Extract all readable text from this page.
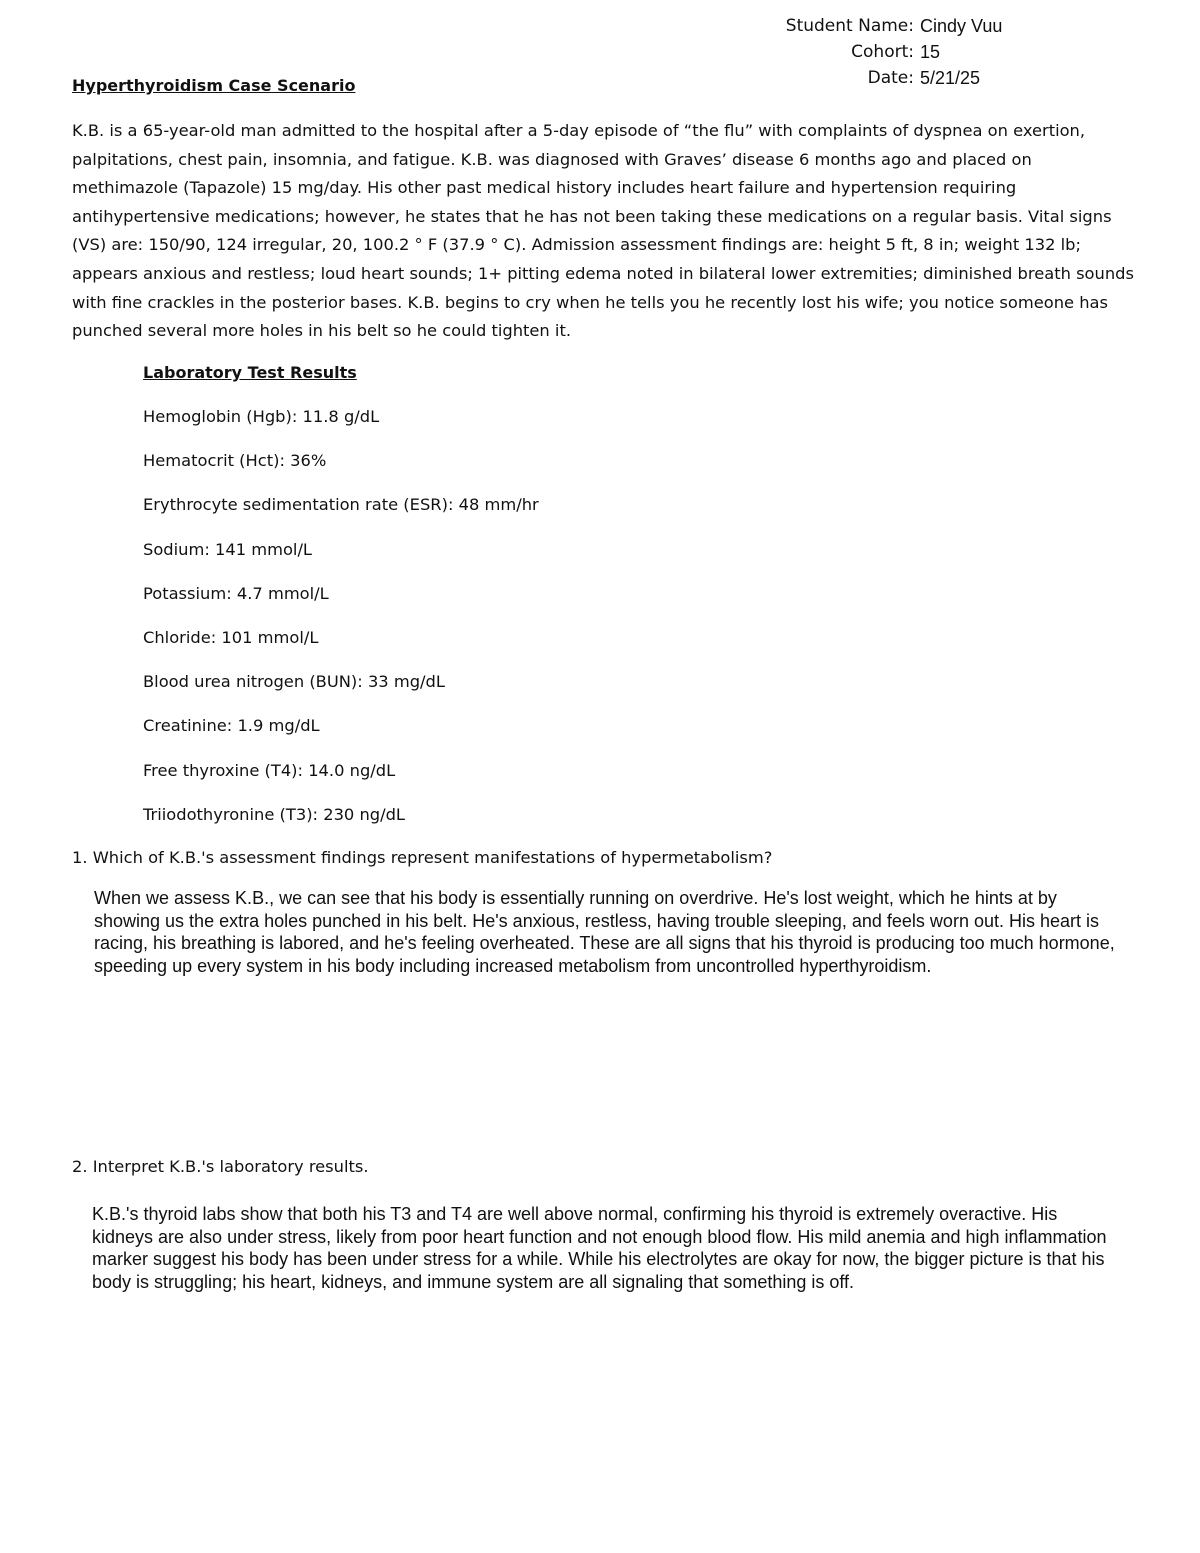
Student Name: Cindy Vuu
Cohort: 15
Date: 5/21/25
Hyperthyroidism Case Scenario

K.B. is a 65-year-old man admitted to the hospital after a 5-day episode of “the flu” with complaints of dyspnea on exertion, palpitations, chest pain, insomnia, and fatigue. K.B. was diagnosed with Graves’ disease 6 months ago and placed on methimazole (Tapazole) 15 mg/day. His other past medical history includes heart failure and hypertension requiring antihypertensive medications; however, he states that he has not been taking these medications on a regular basis. Vital signs (VS) are: 150/90, 124 irregular, 20, 100.2 ° F (37.9 ° C). Admission assessment findings are: height 5 ft, 8 in; weight 132 lb; appears anxious and restless; loud heart sounds; 1+ pitting edema noted in bilateral lower extremities; diminished breath sounds with fine crackles in the posterior bases. K.B. begins to cry when he tells you he recently lost his wife; you notice someone has punched several more holes in his belt so he could tighten it.

Laboratory Test Results
Hemoglobin (Hgb): 11.8 g/dL
Hematocrit (Hct): 36%
Erythrocyte sedimentation rate (ESR): 48 mm/hr
Sodium: 141 mmol/L
Potassium: 4.7 mmol/L
Chloride: 101 mmol/L
Blood urea nitrogen (BUN): 33 mg/dL
Creatinine: 1.9 mg/dL
Free thyroxine (T4): 14.0 ng/dL
Triiodothyronine (T3): 230 ng/dL

1. Which of K.B.'s assessment findings represent manifestations of hypermetabolism?

When we assess K.B., we can see that his body is essentially running on overdrive. He's lost weight, which he hints at by showing us the extra holes punched in his belt. He's anxious, restless, having trouble sleeping, and feels worn out. His heart is racing, his breathing is labored, and he's feeling overheated. These are all signs that his thyroid is producing too much hormone, speeding up every system in his body including increased metabolism from uncontrolled hyperthyroidism.

2. Interpret K.B.'s laboratory results.

K.B.'s thyroid labs show that both his T3 and T4 are well above normal, confirming his thyroid is extremely overactive. His kidneys are also under stress, likely from poor heart function and not enough blood flow. His mild anemia and high inflammation marker suggest his body has been under stress for a while. While his electrolytes are okay for now, the bigger picture is that his body is struggling; his heart, kidneys, and immune system are all signaling that something is off.
